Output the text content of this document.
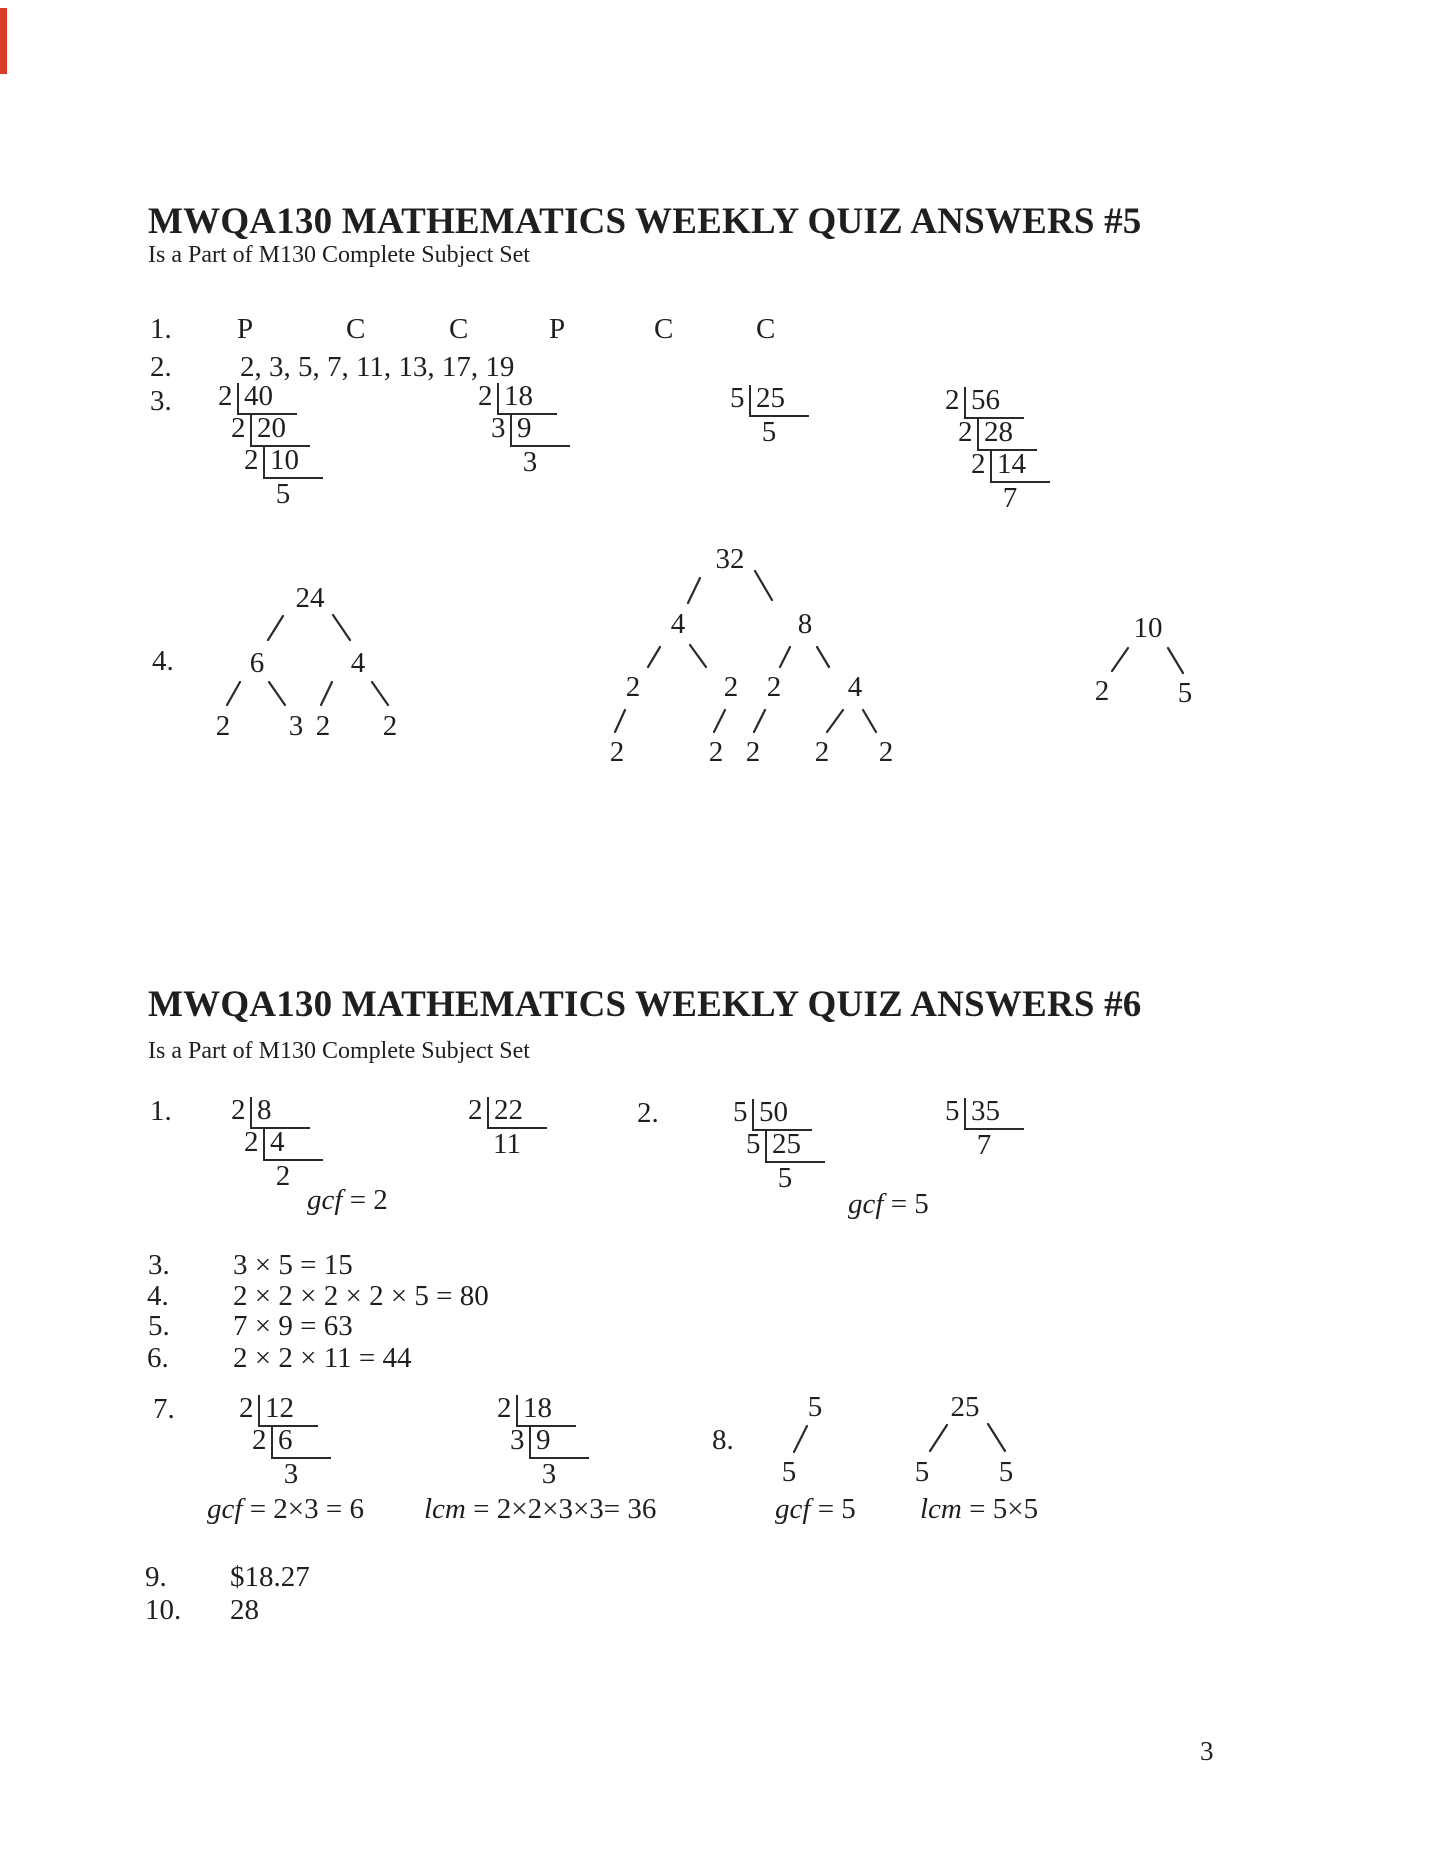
MWQA130 MATHEMATICS WEEKLY QUIZ ANSWERS #5
Is a Part of M130 Complete Subject Set
MWQA130 MATHEMATICS WEEKLY QUIZ ANSWERS #6
Is a Part of M130 Complete Subject Set
1. P	C	C	P	C	C
2. 2, 3, 5, 7, 11, 13, 17, 19
3.
4.
1.	2.
3. 3 × 5 = 15
4. 2 × 2 × 2 × 2 × 5 = 80
5. 7 × 9 = 63
6. 2 × 2 × 11 = 44
7.
8.
9. $18.27
10. 28
gcf = 2	gcf = 5
gcf = 2×3 = 6 lcm = 2×2×3×3= 36	gcf = 5 lcm = 5×5
2 40
2 20
2 10
5
2 18
3 9
3
5 25
5
2 56
2 28
2 14
7
2 8
2 4
2
2 22
11
5 50
5 25
5
5 35
7
2 12
2 6
3
2 18
3 9
3
24
6	4
2 3 2 2
32
4	8
2	2 2 4
2	2 2 2 2
10
2 5
5
5
25
5 5
3
